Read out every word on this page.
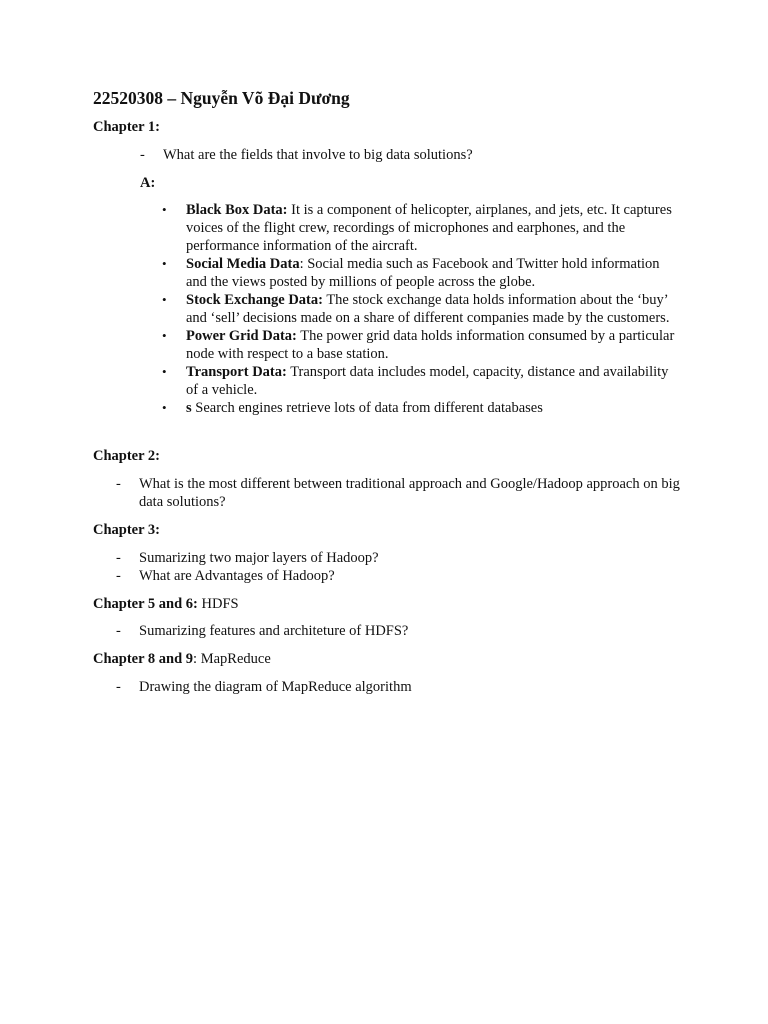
22520308 – Nguyễn Võ Đại Dương
Chapter 1:
- What are the fields that involve to big data solutions?
A:
• Black Box Data: It is a component of helicopter, airplanes, and jets, etc. It captures voices of the flight crew, recordings of microphones and earphones, and the performance information of the aircraft.
• Social Media Data: Social media such as Facebook and Twitter hold information and the views posted by millions of people across the globe.
• Stock Exchange Data: The stock exchange data holds information about the ‘buy’ and ‘sell’ decisions made on a share of different companies made by the customers.
• Power Grid Data: The power grid data holds information consumed by a particular node with respect to a base station.
• Transport Data: Transport data includes model, capacity, distance and availability of a vehicle.
• s Search engines retrieve lots of data from different databases
Chapter 2:
- What is the most different between traditional approach and Google/Hadoop approach on big data solutions?
Chapter 3:
- Sumarizing two major layers of Hadoop?
- What are Advantages of Hadoop?
Chapter 5 and 6: HDFS
- Sumarizing features and architeture of HDFS?
Chapter 8 and 9: MapReduce
- Drawing the diagram of MapReduce algorithm
